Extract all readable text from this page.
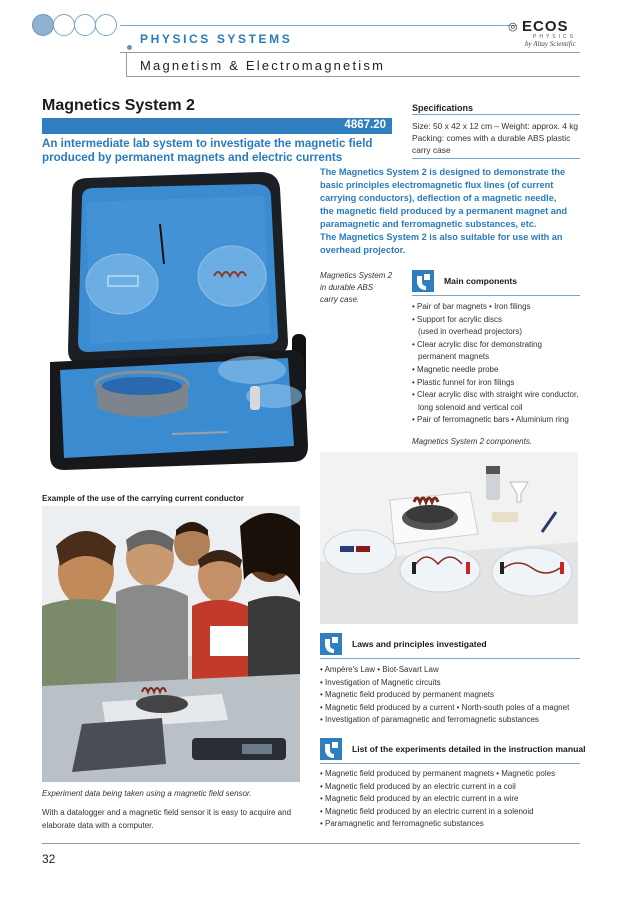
PHYSICS SYSTEMS
Magnetism & Electromagnetism
◎ ECOS
PHYSICS
by Altay Scientific
Magnetics System 2
4867.20
An intermediate lab system to investigate the magnetic field produced by permanent magnets and electric currents
Specifications
Size: 50 x 42 x 12 cm – Weight: approx. 4 kg
Packing: comes with a durable ABS plastic
carry case
The Magnetics System 2 is designed to demonstrate the
basic principles electromagnetic flux lines (of current
carrying conductors), deflection of a magnetic needle,
the magnetic field produced by a permanent magnet and
paramagnetic and ferromagnetic substances, etc.
The Magnetics System 2 is also suitable for use with an
overhead projector.
Magnetics System 2
in durable ABS
carry case.
Main components
• Pair of bar magnets • Iron filings
• Support for acrylic discs
(used in overhead projectors)
• Clear acrylic disc for demonstrating
permanent magnets
• Magnetic needle probe
• Plastic funnel for iron filings
• Clear acrylic disc with straight wire conductor,
long solenoid and vertical coil
• Pair of ferromagnetic bars • Aluminium ring
Magnetics System 2 components.
Example of the use of the carrying current conductor
Experiment data being taken using a magnetic field sensor.
With a datalogger and a magnetic field sensor it is easy to acquire and
elaborate data with a computer.
Laws and principles investigated
• Ampère's Law • Biot-Savart Law
• Investigation of Magnetic circuits
• Magnetic field produced by permanent magnets
• Magnetic field produced by a current • North-south poles of a magnet
• Investigation of paramagnetic and ferromagnetic substances
List of the experiments detailed in the instruction manual
• Magnetic field produced by permanent magnets • Magnetic poles
• Magnetic field produced by an electric current in a coil
• Magnetic field produced by an electric current in a wire
• Magnetic field produced by an electric current in a solenoid
• Paramagnetic and ferromagnetic substances
32
